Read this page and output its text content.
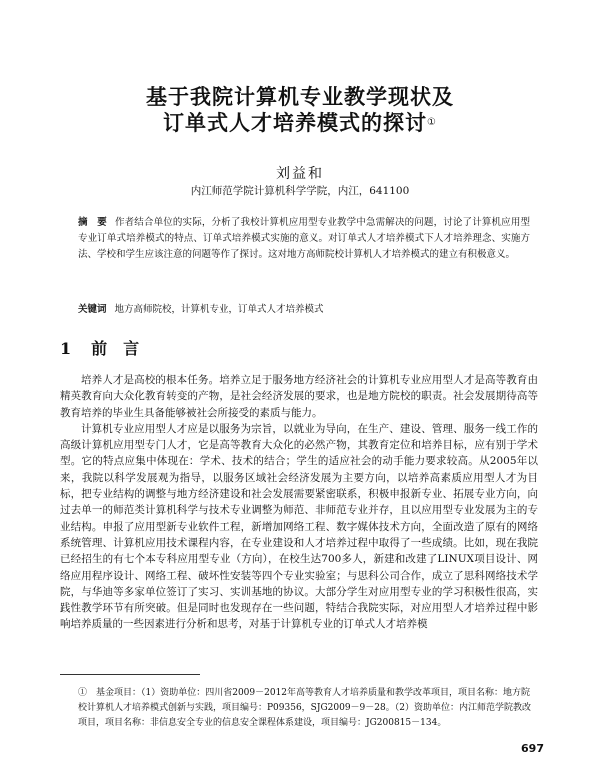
基于我院计算机专业教学现状及
订单式人才培养模式的探讨①
刘益和
内江师范学院计算机科学学院，内江，641100
摘　要 作者结合单位的实际，分析了我校计算机应用型专业教学中急需解决的问题，讨论了计算机应用型专业订单式培养模式的特点、订单式培养模式实施的意义。对订单式人才培养模式下人才培养理念、实施方法、学校和学生应该注意的问题等作了探讨。这对地方高师院校计算机人才培养模式的建立有积极意义。
关键词 地方高师院校，计算机专业，订单式人才培养模式
1 前　言

培养人才是高校的根本任务。培养立足于服务地方经济社会的计算机专业应用型人才是高等教育由精英教育向大众化教育转变的产物，是社会经济发展的要求，也是地方院校的职责。社会发展期待高等教育培养的毕业生具备能够被社会所接受的素质与能力。

计算机专业应用型人才应是以服务为宗旨，以就业为导向，在生产、建设、管理、服务一线工作的高级计算机应用型专门人才，它是高等教育大众化的必然产物，其教育定位和培养目标，应有别于学术型。它的特点应集中体现在：学术、技术的结合；学生的适应社会的动手能力要求较高。从2005年以来，我院以科学发展观为指导，以服务区域社会经济发展为主要方向，以培养高素质应用型人才为目标，把专业结构的调整与地方经济建设和社会发展需要紧密联系，积极申报新专业、拓展专业方向，向过去单一的师范类计算机科学与技术专业调整为师范、非师范专业并存，且以应用型专业发展为主的专业结构。申报了应用型新专业软件工程，新增加网络工程、数字媒体技术方向，全面改造了原有的网络系统管理、计算机应用技术课程内容，在专业建设和人才培养过程中取得了一些成绩。比如，现在我院已经招生的有七个本专科应用型专业（方向），在校生达700多人，新建和改建了LINUX项目设计、网络应用程序设计、网络工程、破坏性安装等四个专业实验室；与思科公司合作，成立了思科网络技术学院，与华迪等多家单位签订了实习、实训基地的协议。大部分学生对应用型专业的学习积极性很高，实践性教学环节有所突破。但是同时也发现存在一些问题，特结合我院实际，对应用型人才培养过程中影响培养质量的一些因素进行分析和思考，对基于计算机专业的订单式人才培养模

①　基金项目：（1）资助单位：四川省2009－2012年高等教育人才培养质量和教学改革项目，项目名称：地方院校计算机人才培养模式创新与实践，项目编号：P09356，SJG2009－9－28。（2）资助单位：内江师范学院教改项目，项目名称：非信息安全专业的信息安全课程体系建设，项目编号：JG200815－134。
697
